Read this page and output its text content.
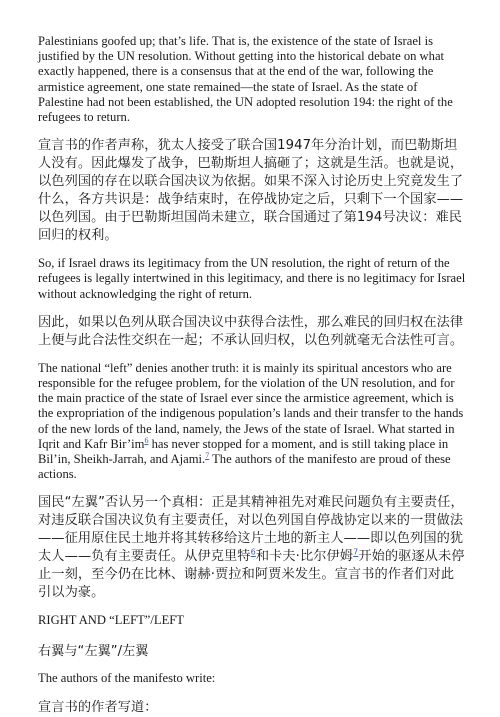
Palestinians goofed up; that’s life. That is, the existence of the state of Israel is justified by the UN resolution. Without getting into the historical debate on what exactly happened, there is a consensus that at the end of the war, following the armistice agreement, one state remained—the state of Israel. As the state of Palestine had not been established, the UN adopted resolution 194: the right of the refugees to return.

宣言书的作者声称，犹太人接受了联合国1947年分治计划，而巴勒斯坦人没有。因此爆发了战争，巴勒斯坦人搞砸了；这就是生活。也就是说，以色列国的存在以联合国决议为依据。如果不深入讨论历史上究竟发生了什么，各方共识是：战争结束时，在停战协定之后，只剩下一个国家——以色列国。由于巴勒斯坦国尚未建立，联合国通过了第194号决议：难民回归的权利。

So, if Israel draws its legitimacy from the UN resolution, the right of return of the refugees is legally intertwined in this legitimacy, and there is no legitimacy for Israel without acknowledging the right of return.

因此，如果以色列从联合国决议中获得合法性，那么难民的回归权在法律上便与此合法性交织在一起；不承认回归权，以色列就毫无合法性可言。

The national “left” denies another truth: it is mainly its spiritual ancestors who are responsible for the refugee problem, for the violation of the UN resolution, and for the main practice of the state of Israel ever since the armistice agreement, which is the expropriation of the indigenous population’s lands and their transfer to the hands of the new lords of the land, namely, the Jews of the state of Israel. What started in Iqrit and Kafr Bir’im$^6$ has never stopped for a moment, and is still taking place in Bil’in, Sheikh-Jarrah, and Ajami.$^7$ The authors of the manifesto are proud of these actions.

国民“左翼”否认另一个真相：正是其精神祖先对难民问题负有主要责任，对违反联合国决议负有主要责任，对以色列国自停战协定以来的一贯做法——征用原住民土地并将其转移给这片土地的新主人——即以色列国的犹太人——负有主要责任。从伊克里特$^6$和卡夫·比尔伊姆$^7$开始的驱逐从未停止一刻，至今仍在比林、谢赫·贾拉和阿贾米发生。宣言书的作者们对此引以为豪。

RIGHT AND “LEFT”/LEFT

右翼与“左翼”/左翼

The authors of the manifesto write:

宣言书的作者写道：
